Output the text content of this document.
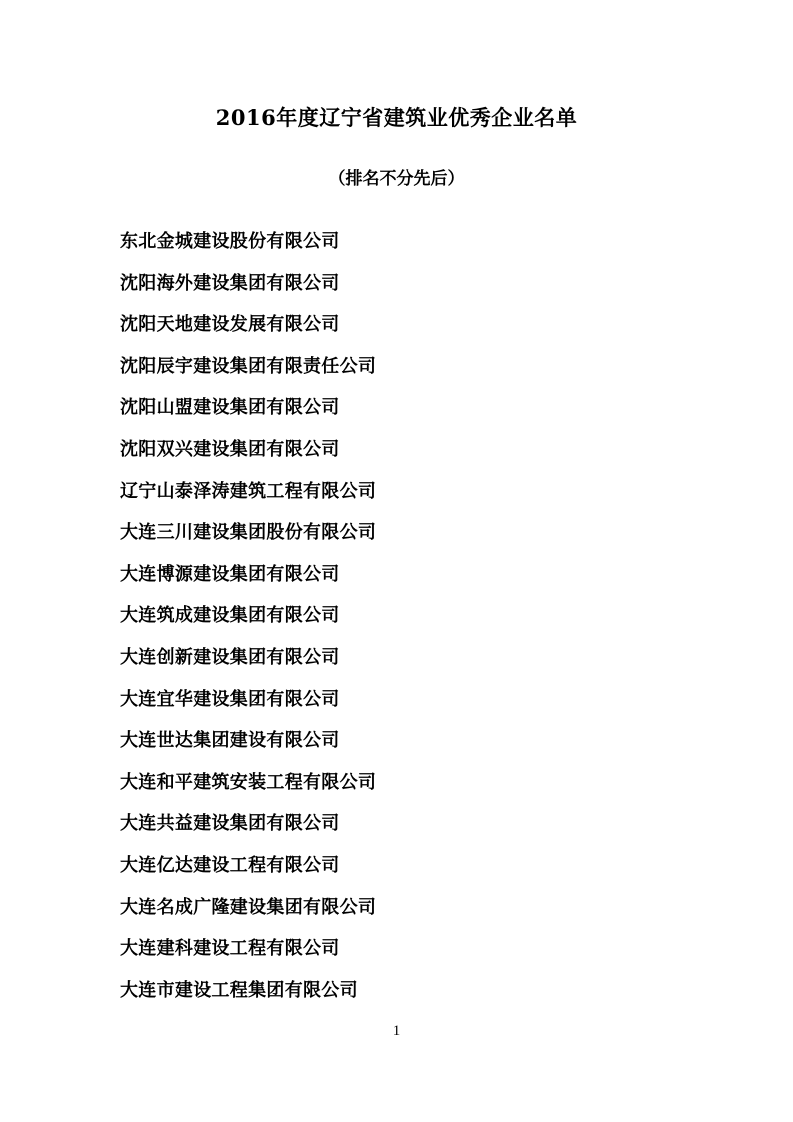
2016年度辽宁省建筑业优秀企业名单
（排名不分先后）
东北金城建设股份有限公司
沈阳海外建设集团有限公司
沈阳天地建设发展有限公司
沈阳辰宇建设集团有限责任公司
沈阳山盟建设集团有限公司
沈阳双兴建设集团有限公司
辽宁山泰泽涛建筑工程有限公司
大连三川建设集团股份有限公司
大连博源建设集团有限公司
大连筑成建设集团有限公司
大连创新建设集团有限公司
大连宜华建设集团有限公司
大连世达集团建设有限公司
大连和平建筑安装工程有限公司
大连共益建设集团有限公司
大连亿达建设工程有限公司
大连名成广隆建设集团有限公司
大连建科建设工程有限公司
大连市建设工程集团有限公司
1
